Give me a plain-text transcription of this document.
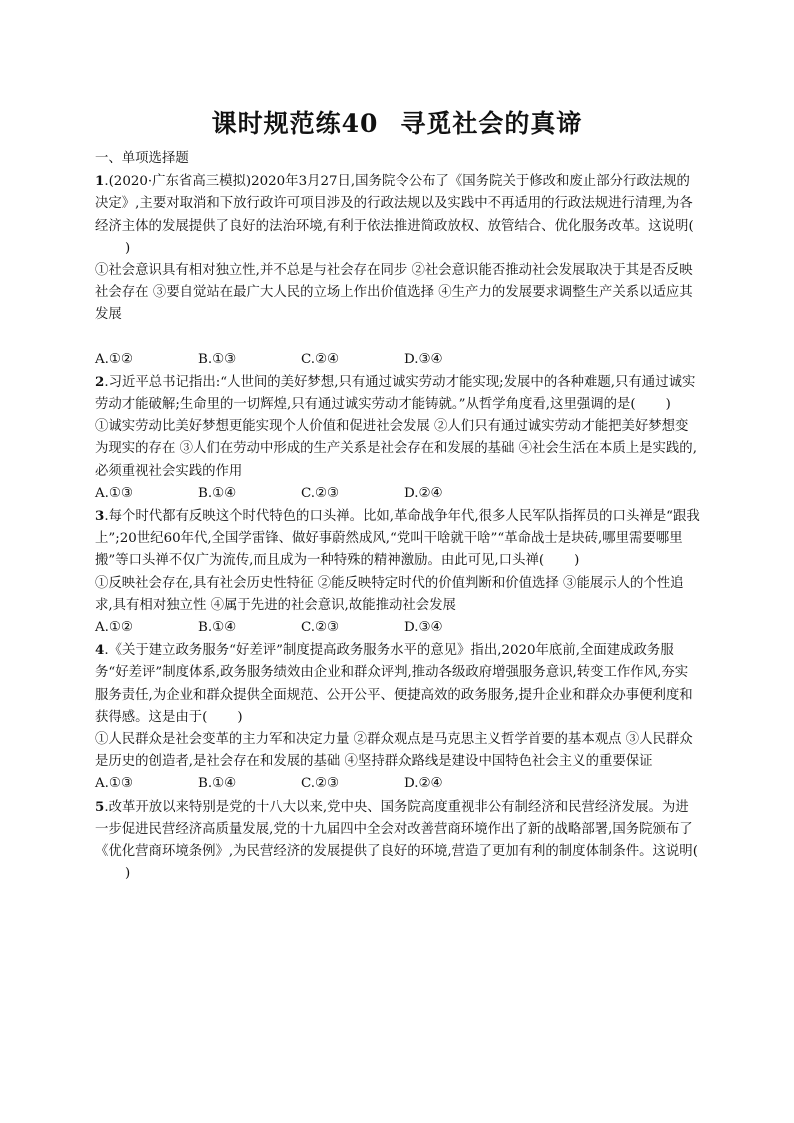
课时规范练40 寻觅社会的真谛

一、单项选择题

1.(2020·广东省高三模拟)2020年3月27日,国务院令公布了《国务院关于修改和废止部分行政法规的决定》,主要对取消和下放行政许可项目涉及的行政法规以及实践中不再适用的行政法规进行清理,为各经济主体的发展提供了良好的法治环境,有利于依法推进简政放权、放管结合、优化服务改革。这说明()

①社会意识具有相对独立性,并不总是与社会存在同步 ②社会意识能否推动社会发展取决于其是否反映社会存在 ③要自觉站在最广大人民的立场上作出价值选择 ④生产力的发展要求调整生产关系以适应其发展

A.①②	B.①③	C.②④	D.③④

2.习近平总书记指出:“人世间的美好梦想,只有通过诚实劳动才能实现;发展中的各种难题,只有通过诚实劳动才能破解;生命里的一切辉煌,只有通过诚实劳动才能铸就。”从哲学角度看,这里强调的是( )

①诚实劳动比美好梦想更能实现个人价值和促进社会发展 ②人们只有通过诚实劳动才能把美好梦想变为现实的存在 ③人们在劳动中形成的生产关系是社会存在和发展的基础 ④社会生活在本质上是实践的,必须重视社会实践的作用

A.①③	B.①④	C.②③	D.②④

3.每个时代都有反映这个时代特色的口头禅。比如,革命战争年代,很多人民军队指挥员的口头禅是“跟我上”;20世纪60年代,全国学雷锋、做好事蔚然成风,“党叫干啥就干啥”“革命战士是块砖,哪里需要哪里搬”等口头禅不仅广为流传,而且成为一种特殊的精神激励。由此可见,口头禅( )

①反映社会存在,具有社会历史性特征 ②能反映特定时代的价值判断和价值选择 ③能展示人的个性追求,具有相对独立性 ④属于先进的社会意识,故能推动社会发展

A.①②	B.①④	C.②③	D.③④

4.《关于建立政务服务“好差评”制度提高政务服务水平的意见》指出,2020年底前,全面建成政务服务“好差评”制度体系,政务服务绩效由企业和群众评判,推动各级政府增强服务意识,转变工作作风,夯实服务责任,为企业和群众提供全面规范、公开公平、便捷高效的政务服务,提升企业和群众办事便利度和获得感。这是由于( )

①人民群众是社会变革的主力军和决定力量 ②群众观点是马克思主义哲学首要的基本观点 ③人民群众是历史的创造者,是社会存在和发展的基础 ④坚持群众路线是建设中国特色社会主义的重要保证

A.①③	B.①④	C.②③	D.②④

5.改革开放以来特别是党的十八大以来,党中央、国务院高度重视非公有制经济和民营经济发展。为进一步促进民营经济高质量发展,党的十九届四中全会对改善营商环境作出了新的战略部署,国务院颁布了《优化营商环境条例》,为民营经济的发展提供了良好的环境,营造了更加有利的制度体制条件。这说明()
